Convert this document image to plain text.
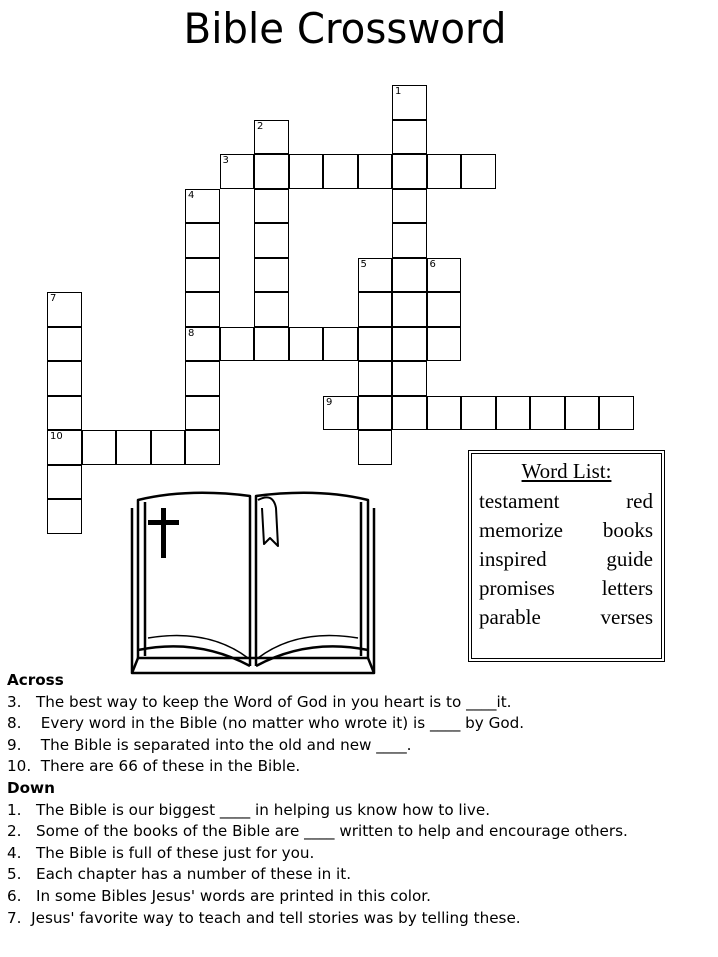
Bible Crossword
1
2
3
4
8
5	6
7
10
9
Word List:
testament	red
memorize books
inspired	guide
promises letters
parable	verses
Across
3.   The best way to keep the Word of God in you heart is to ____it.
8.    Every word in the Bible (no matter who wrote it) is ____ by God.
9.    The Bible is separated into the old and new ____.
10.  There are 66 of these in the Bible.
Down
1.   The Bible is our biggest ____ in helping us know how to live.
2.   Some of the books of the Bible are ____ written to help and encourage others.
4.   The Bible is full of these just for you.
5.   Each chapter has a number of these in it.
6.   In some Bibles Jesus' words are printed in this color.
7.  Jesus' favorite way to teach and tell stories was by telling these.
